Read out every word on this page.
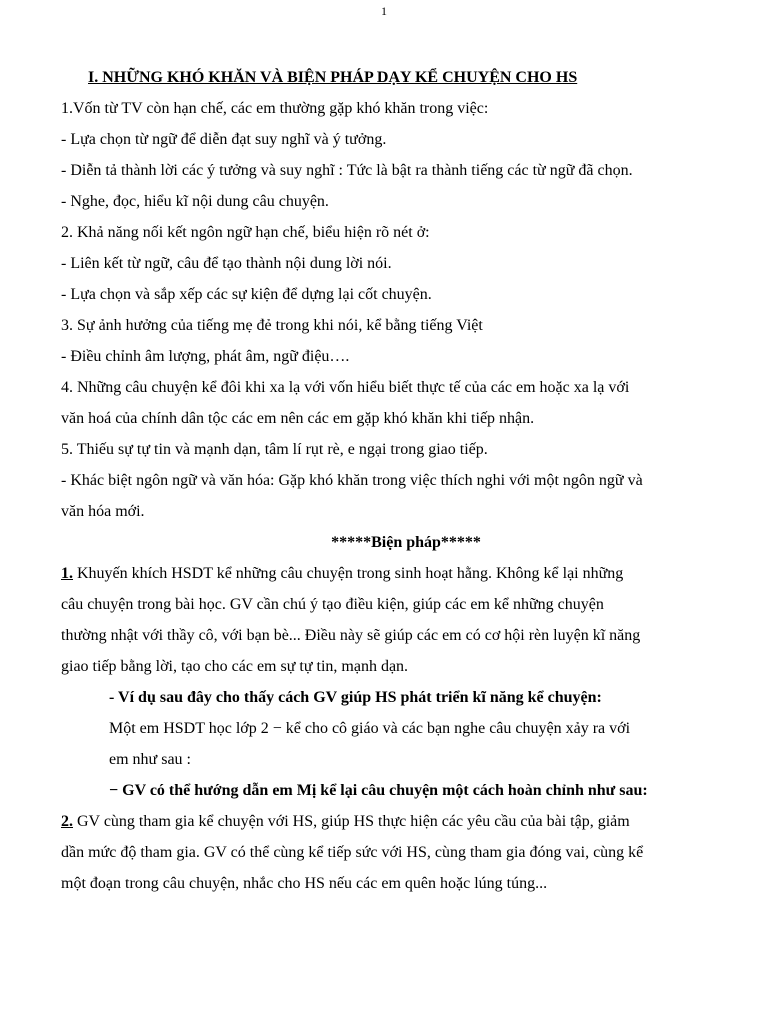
1
I. NHỮNG KHÓ KHĂN VÀ BIỆN PHÁP DẠY KỂ CHUYỆN CHO HS
1.Vốn từ TV còn hạn chế, các em thường gặp khó khăn trong việc:
- Lựa chọn từ ngữ để diễn đạt suy nghĩ và ý tưởng.
- Diễn tả thành lời các ý tưởng và suy nghĩ : Tức là bật ra thành tiếng các từ ngữ đã chọn.
- Nghe, đọc, hiểu kĩ nội dung câu chuyện.
2. Khả năng nối kết ngôn ngữ hạn chế, biểu hiện rõ nét ở:
- Liên kết từ ngữ, câu để tạo thành nội dung lời nói.
- Lựa chọn và sắp xếp các sự kiện để dựng lại cốt chuyện.
3. Sự ảnh hưởng của tiếng mẹ đẻ trong khi nói, kể bằng tiếng Việt
- Điều chỉnh âm lượng, phát âm, ngữ điệu….
4. Những câu chuyện kể đôi khi xa lạ với vốn hiểu biết thực tế của các em hoặc xa lạ với
văn hoá của chính dân tộc các em nên các em gặp khó khăn khi tiếp nhận.
5. Thiếu sự tự tin và mạnh dạn, tâm lí rụt rè, e ngại trong giao tiếp.
- Khác biệt ngôn ngữ và văn hóa: Gặp khó khăn trong việc thích nghi với một ngôn ngữ và
văn hóa mới.
*****Biện pháp*****
1. Khuyến khích HSDT kể những câu chuyện trong sinh hoạt hằng. Không kể lại những
câu chuyện trong bài học. GV cần chú ý tạo điều kiện, giúp các em kể những chuyện
thường nhật với thầy cô, với bạn bè... Điều này sẽ giúp các em có cơ hội rèn luyện kĩ năng
giao tiếp bằng lời, tạo cho các em sự tự tin, mạnh dạn.
- Ví dụ sau đây cho thấy cách GV giúp HS phát triển kĩ năng kể chuyện:
Một em HSDT học lớp 2 − kể cho cô giáo và các bạn nghe câu chuyện xảy ra với
em như sau :
− GV có thể hướng dẫn em Mị kể lại câu chuyện một cách hoàn chỉnh như sau:
2. GV cùng tham gia kể chuyện với HS, giúp HS thực hiện các yêu cầu của bài tập, giảm
dần mức độ tham gia. GV có thể cùng kể tiếp sức với HS, cùng tham gia đóng vai, cùng kể
một đoạn trong câu chuyện, nhắc cho HS nếu các em quên hoặc lúng túng...
